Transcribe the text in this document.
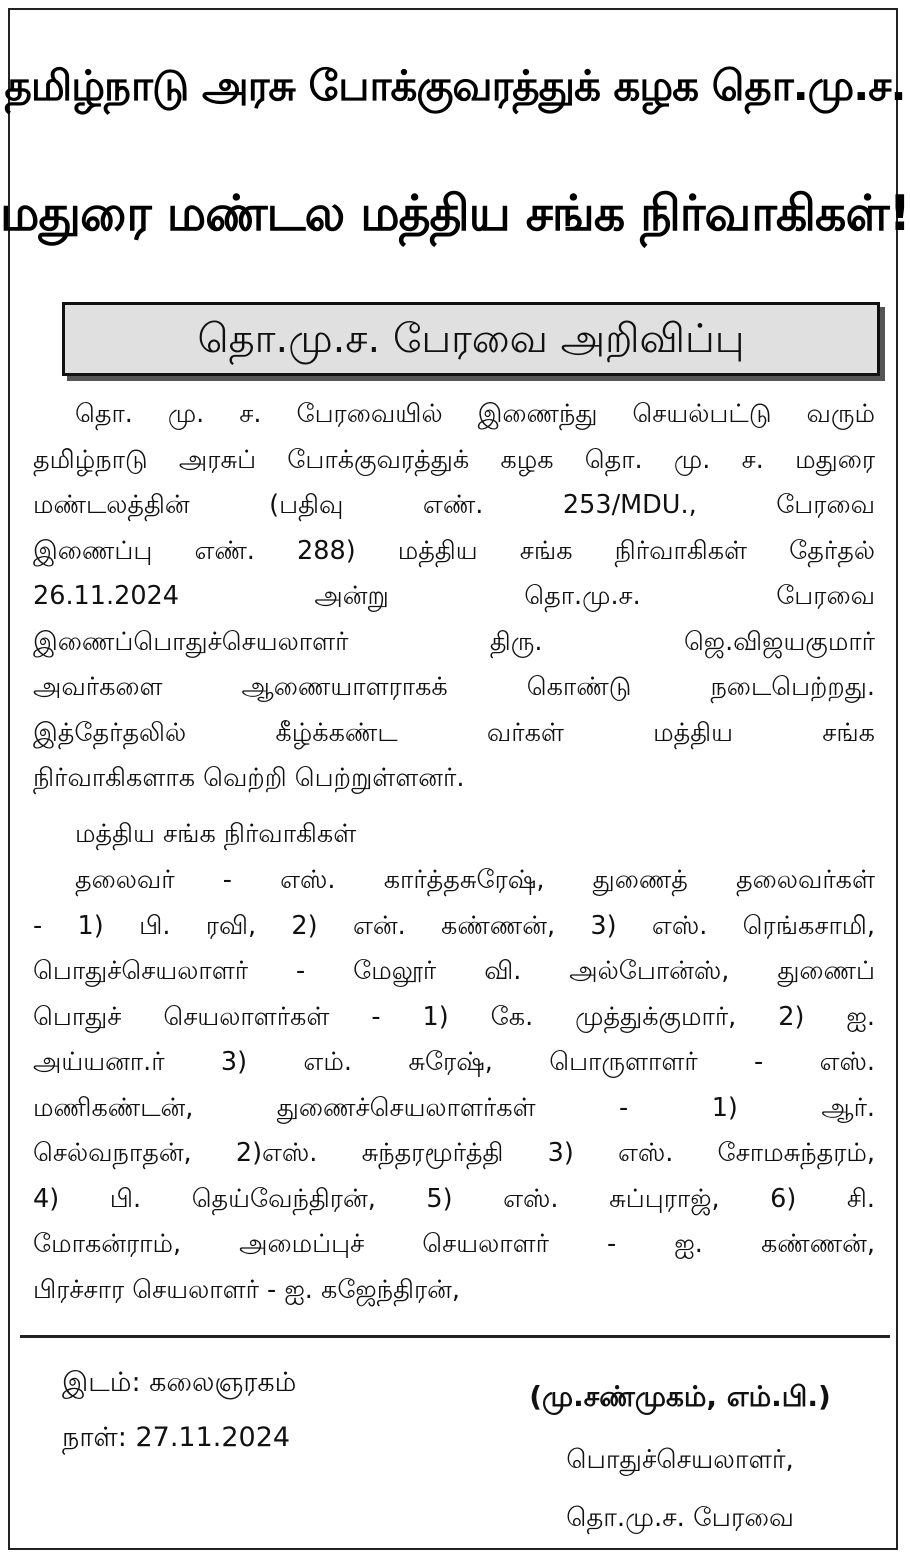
தமிழ்நாடு அரசு போக்குவரத்துக் கழக தொ.மு.ச.
மதுரை மண்டல மத்திய சங்க நிர்வாகிகள்!
தொ.மு.ச. பேரவை அறிவிப்பு
தொ. மு. ச. பேரவையில் இணைந்து செயல்பட்டு வரும்
தமிழ்நாடு அரசுப் போக்குவரத்துக் கழக தொ. மு. ச. மதுரை
மண்டலத்தின் (பதிவு எண். 253/MDU., பேரவை
இணைப்பு எண். 288) மத்திய சங்க நிர்வாகிகள் தேர்தல்
26.11.2024 அன்று தொ.மு.ச. பேரவை
இணைப்பொதுச்செயலாளர் திரு. ஜெ.விஜயகுமார்
அவர்களை ஆணையாளராகக் கொண்டு நடைபெற்றது.
இத்தேர்தலில் கீழ்க்கண்ட வர்கள் மத்திய சங்க
நிர்வாகிகளாக வெற்றி பெற்றுள்ளனர்.
மத்திய சங்க நிர்வாகிகள்
தலைவர் - எஸ். கார்த்தசுரேஷ், துணைத் தலைவர்கள்
- 1) பி. ரவி, 2) என். கண்ணன், 3) எஸ். ரெங்கசாமி,
பொதுச்செயலாளர் - மேலூர் வி. அல்போன்ஸ், துணைப்
பொதுச் செயலாளர்கள் - 1) கே. முத்துக்குமார், 2) ஐ.
அய்யனா.ர் 3) எம். சுரேஷ், பொருளாளர் - எஸ்.
மணிகண்டன், துணைச்செயலாளர்கள் - 1) ஆர்.
செல்வநாதன், 2)எஸ். சுந்தரமூர்த்தி 3) எஸ். சோமசுந்தரம்,
4) பி. தெய்வேந்திரன், 5) எஸ். சுப்புராஜ், 6) சி.
மோகன்ராம், அமைப்புச் செயலாளர் - ஐ. கண்ணன்,
பிரச்சார செயலாளர் - ஐ. கஜேந்திரன்,
இடம்: கலைஞரகம்
நாள்: 27.11.2024
(மு.சண்முகம், எம்.பி.)
பொதுச்செயலாளர்,
தொ.மு.ச. பேரவை
